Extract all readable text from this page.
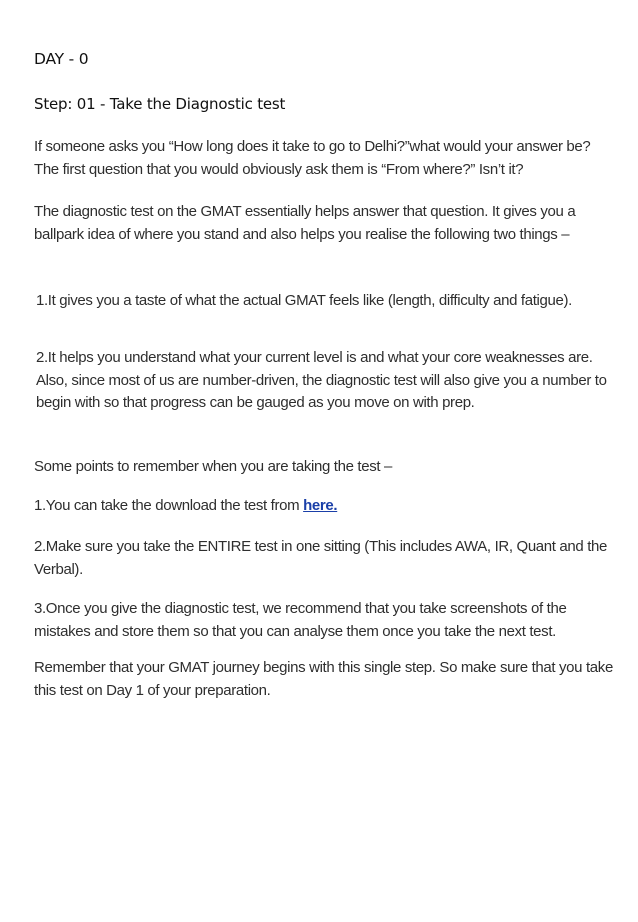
DAY - 0
Step: 01 - Take the Diagnostic test

If someone asks you “How long does it take to go to Delhi?”what would your answer be? The first question that you would obviously ask them is “From where?” Isn’t it?

The diagnostic test on the GMAT essentially helps answer that question. It gives you a ballpark idea of where you stand and also helps you realise the following two things –

1.It gives you a taste of what the actual GMAT feels like (length, difficulty and fatigue).

2.It helps you understand what your current level is and what your core weaknesses are. Also, since most of us are number-driven, the diagnostic test will also give you a number to begin with so that progress can be gauged as you move on with prep.

Some points to remember when you are taking the test –

1.You can take the download the test from here.

2.Make sure you take the ENTIRE test in one sitting (This includes AWA, IR, Quant and the Verbal).

3.Once you give the diagnostic test, we recommend that you take screenshots of the mistakes and store them so that you can analyse them once you take the next test.

Remember that your GMAT journey begins with this single step. So make sure that you take this test on Day 1 of your preparation.
